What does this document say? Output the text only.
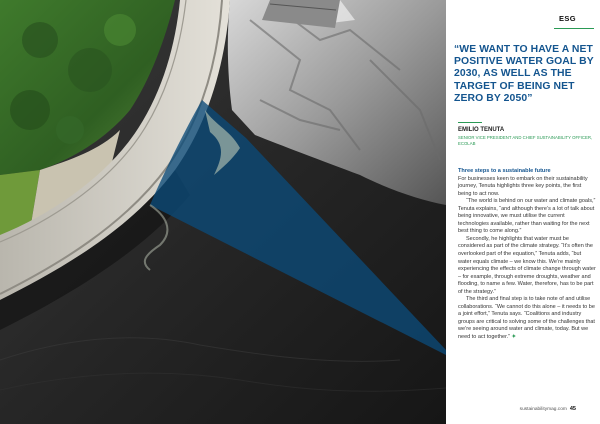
ESG
“WE WANT TO HAVE A NET POSITIVE WATER GOAL BY 2030, AS WELL AS THE TARGET OF BEING NET ZERO BY 2050”
EMILIO TENUTA
SENIOR VICE PRESIDENT AND CHIEF SUSTAINABILITY OFFICER, ECOLAB
Three steps to a sustainable future

For businesses keen to embark on their sustainability journey, Tenuta highlights three key points, the first being to act now.

“The world is behind on our water and climate goals,” Tenuta explains, “and although there’s a lot of talk about being innovative, we must utilise the current technologies available, rather than waiting for the next best thing to come along.”

Secondly, he highlights that water must be considered as part of the climate strategy. “It’s often the overlooked part of the equation,” Tenuta adds, “but water equals climate – we know this. We’re mainly experiencing the effects of climate change through water – for example, through extreme droughts, weather and flooding, to name a few. Water, therefore, has to be part of the strategy.”

The third and final step is to take note of and utilise collaborations. “We cannot do this alone – it needs to be a joint effort,” Tenuta says. “Coalitions and industry groups are critical to solving some of the challenges that we’re seeing around water and climate, today. But we need to act together.” ✦

sustainabilitymag.com 45
